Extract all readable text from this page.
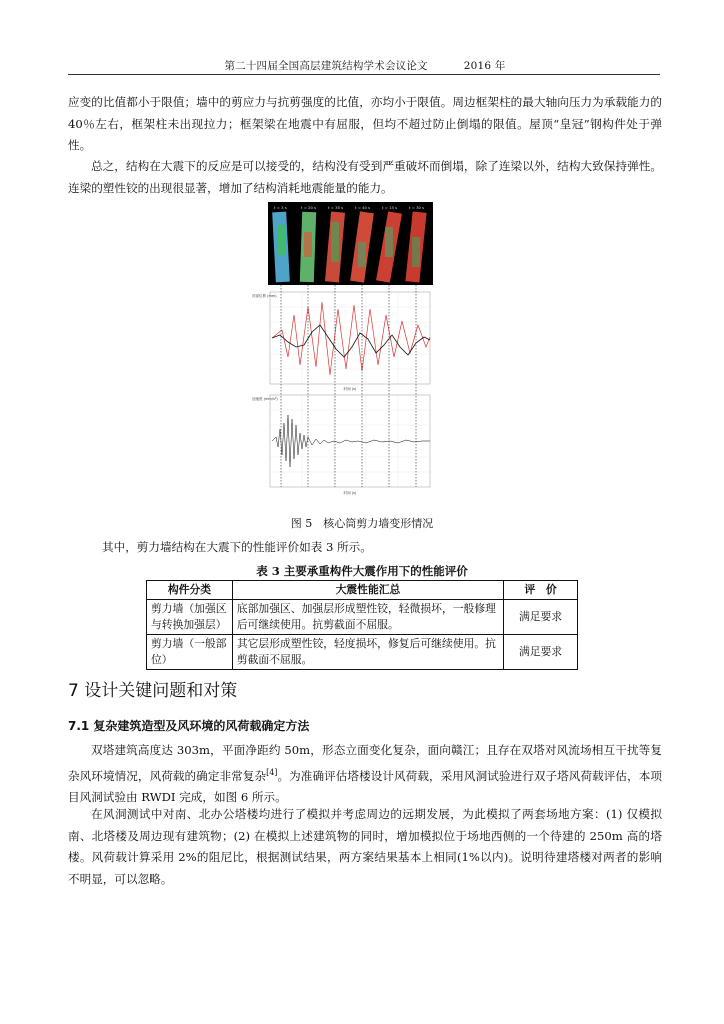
第二十四届全国高层建筑结构学术会议论文	2016 年

应变的比值都小于限值；墙中的剪应力与抗剪强度的比值，亦均小于限值。周边框架柱的最大轴向压力为承载能力的 40％左右，框架柱未出现拉力；框架梁在地震中有屈服，但均不超过防止倒塌的限值。屋顶“皇冠”钢构件处于弹性。

总之，结构在大震下的反应是可以接受的，结构没有受到严重破坏而倒塌，除了连梁以外，结构大致保持弹性。连梁的塑性铰的出现很显著，增加了结构消耗地震能量的能力。

t = 3 s	t = 20 s	t = 35 s	t = 40 s	t = 15 s	t = 30 s
顶部位移 (mm)
时间 (s)
加速度 (mm/s²)
时间 (s)
图 5　核心筒剪力墙变形情况

其中，剪力墙结构在大震下的性能评价如表 3 所示。

表 3 主要承重构件大震作用下的性能评价
构件分类	大震性能汇总	评　价
剪力墙（加强区与转换加强层）	底部加强区、加强层形成塑性铰，轻微损坏，一般修理后可继续使用。抗剪截面不屈服。	满足要求
剪力墙（一般部位）	其它层形成塑性铰，轻度损坏，修复后可继续使用。抗剪截面不屈服。	满足要求
7 设计关键问题和对策
7.1 复杂建筑造型及风环境的风荷载确定方法

双塔建筑高度达 303m，平面净距约 50m，形态立面变化复杂，面向赣江；且存在双塔对风流场相互干扰等复杂风环境情况，风荷载的确定非常复杂[4]。为准确评估塔楼设计风荷载，采用风洞试验进行双子塔风荷载评估，本项目风洞试验由 RWDI 完成，如图 6 所示。

在风洞测试中对南、北办公塔楼均进行了模拟并考虑周边的远期发展，为此模拟了两套场地方案：(1) 仅模拟南、北塔楼及周边现有建筑物；(2) 在模拟上述建筑物的同时，增加模拟位于场地西侧的一个待建的 250m 高的塔楼。风荷载计算采用 2%的阻尼比，根据测试结果，两方案结果基本上相同(1%以内)。说明待建塔楼对两者的影响不明显，可以忽略。
